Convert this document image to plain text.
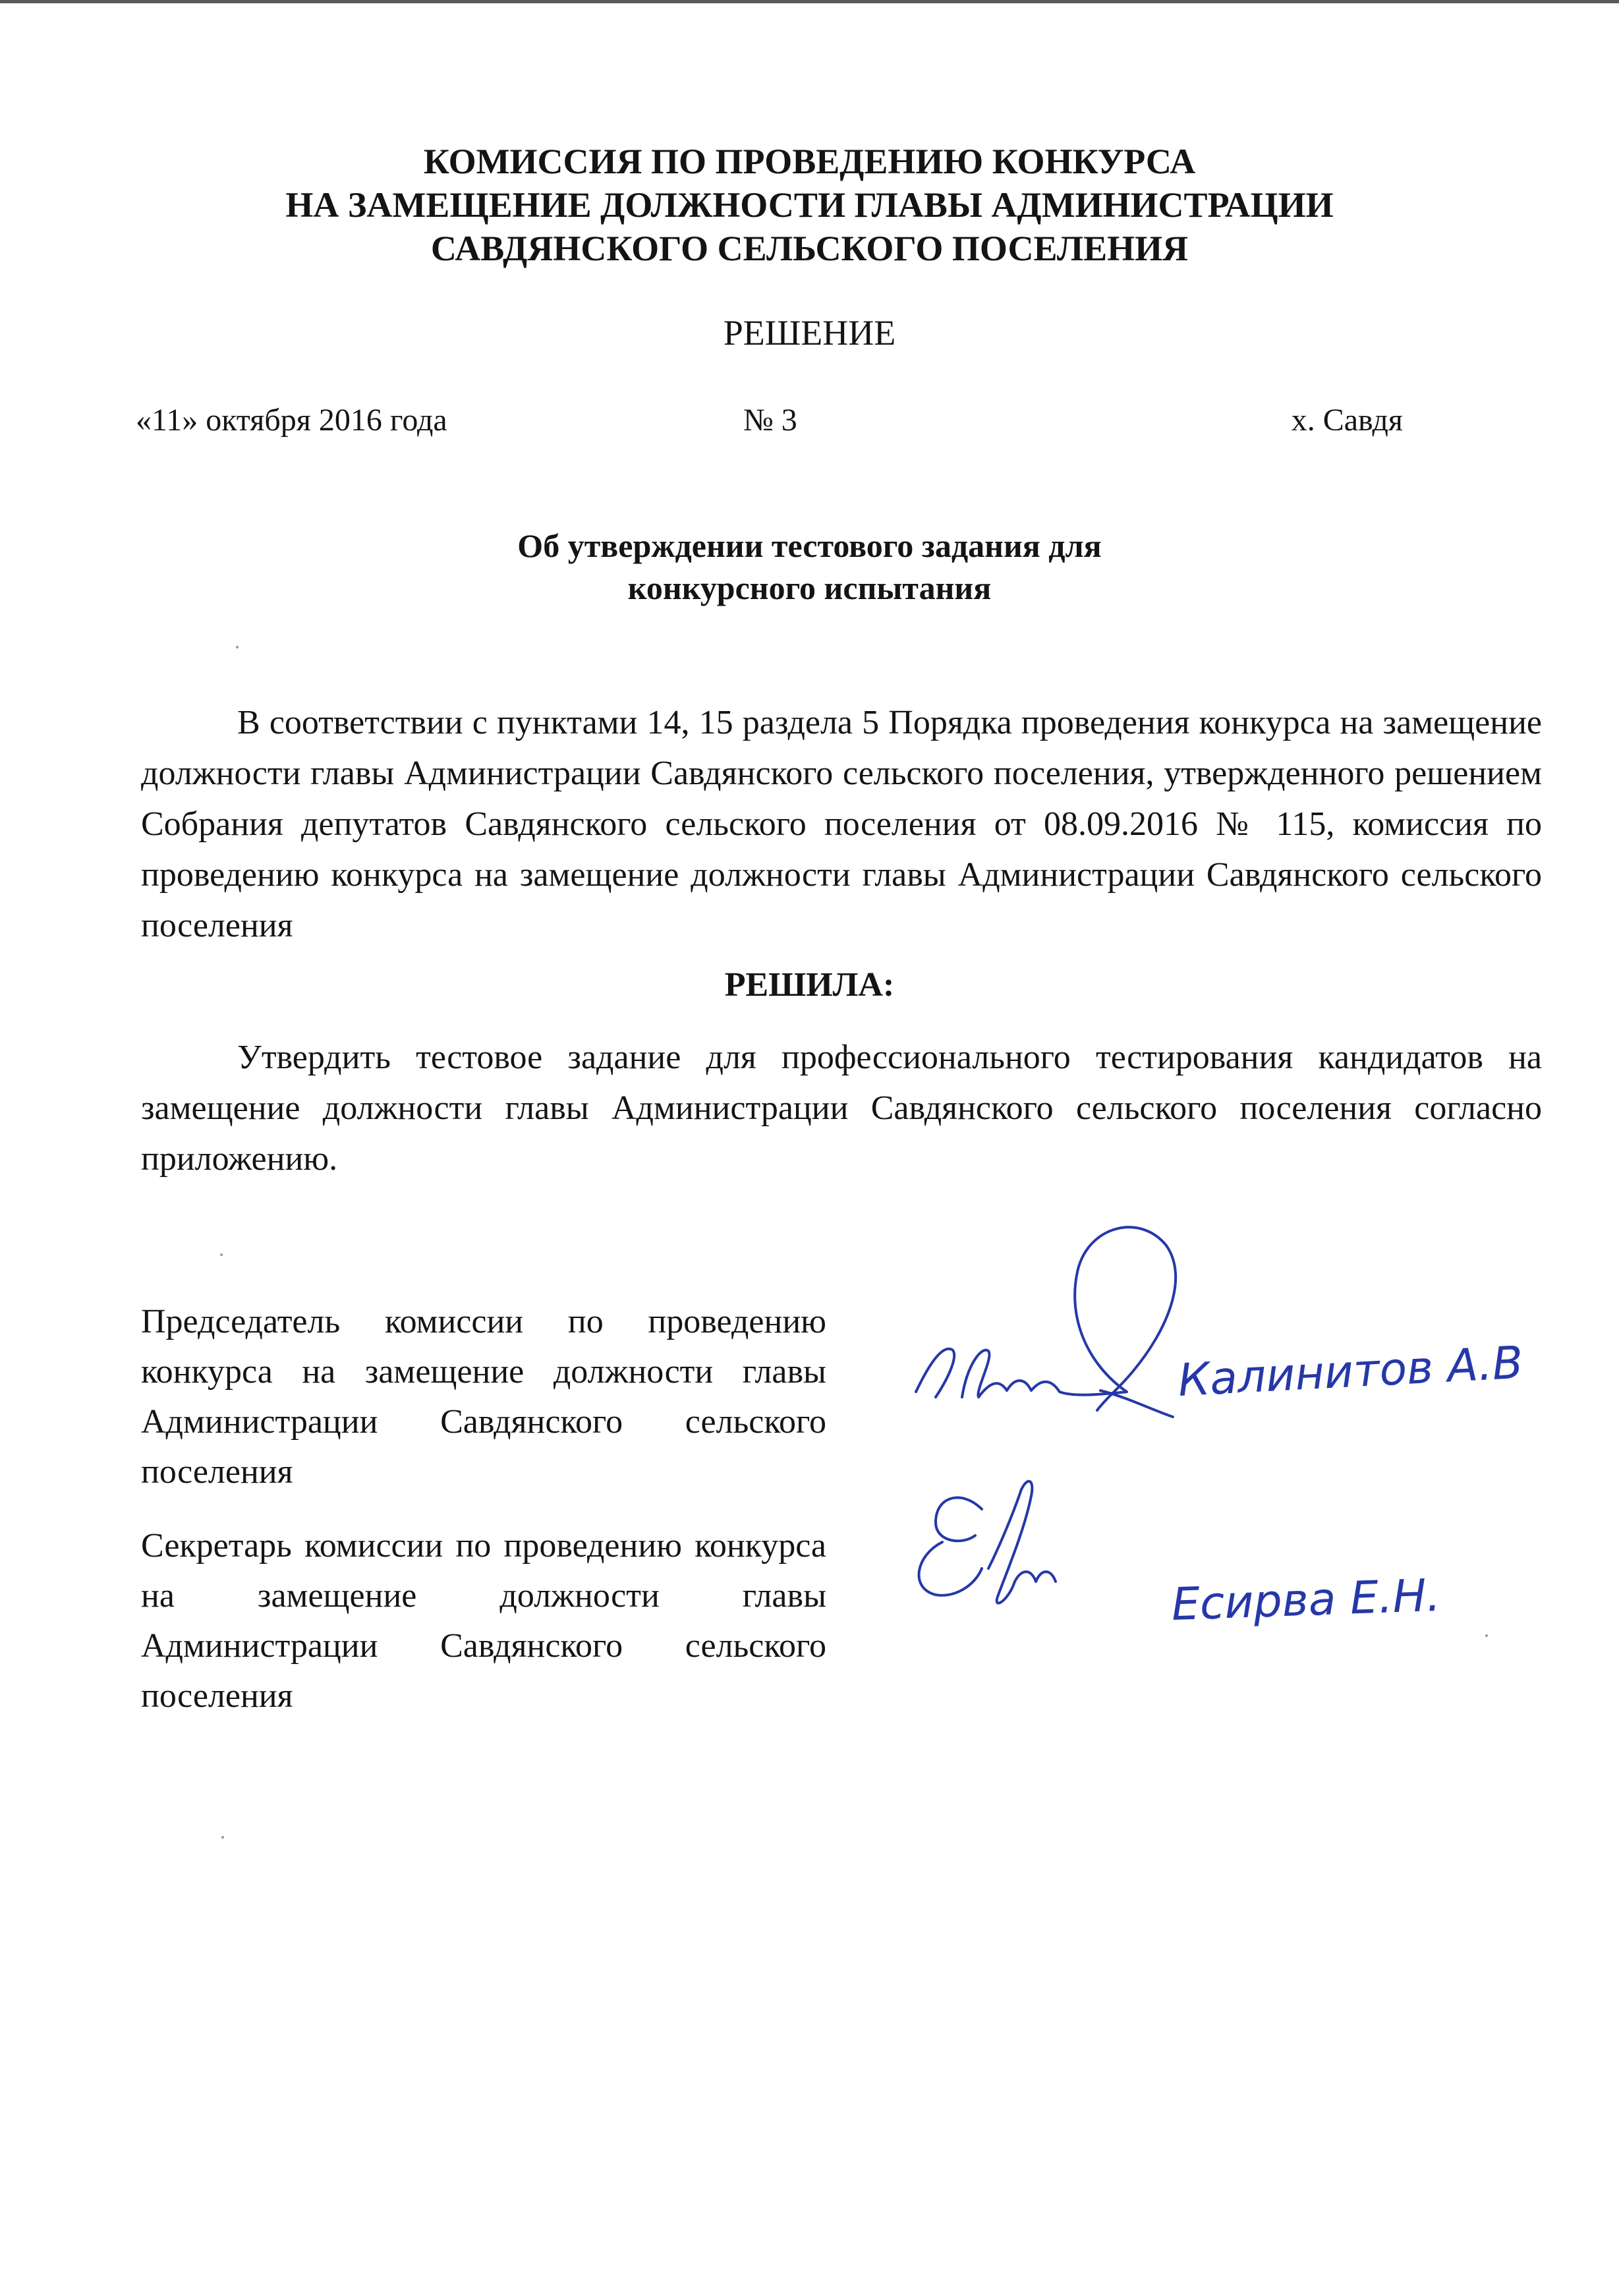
КОМИССИЯ ПО ПРОВЕДЕНИЮ КОНКУРСА
НА ЗАМЕЩЕНИЕ ДОЛЖНОСТИ ГЛАВЫ АДМИНИСТРАЦИИ
САВДЯНСКОГО СЕЛЬСКОГО ПОСЕЛЕНИЯ
РЕШЕНИЕ
«11» октября 2016 года	№ 3	х. Савдя
Об утверждении тестового задания для
конкурсного испытания
В соответствии с пунктами 14, 15 раздела 5 Порядка проведения конкурса на замещение должности главы Администрации Савдянского сельского поселения, утвержденного решением Собрания депутатов Савдянского сельского поселения от 08.09.2016 № 115, комиссия по проведению конкурса на замещение должности главы Администрации Савдянского сельского поселения
РЕШИЛА:
Утвердить тестовое задание для профессионального тестирования кандидатов на замещение должности главы Администрации Савдянского сельского поселения согласно приложению.
Председатель комиссии по проведению конкурса на замещение должности главы Администрации Савдянского сельского поселения
Секретарь комиссии по проведению конкурса на замещение должности главы Администрации Савдянского сельского поселения
Калинитов А.В
Есирва Е.Н.
